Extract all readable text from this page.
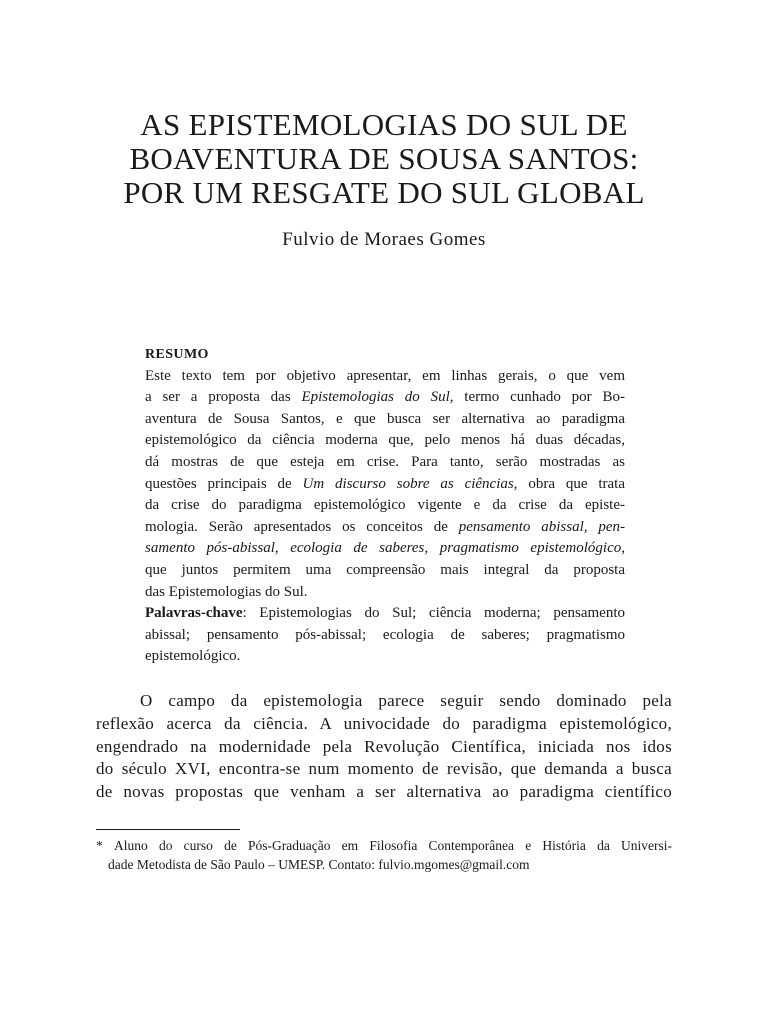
AS EPISTEMOLOGIAS DO SUL DE
BOAVENTURA DE SOUSA SANTOS:
POR UM RESGATE DO SUL GLOBAL
Fulvio de Moraes Gomes
RESUMO
Este texto tem por objetivo apresentar, em linhas gerais, o que vem
a ser a proposta das Epistemologias do Sul, termo cunhado por Bo-
aventura de Sousa Santos, e que busca ser alternativa ao paradigma
epistemológico da ciência moderna que, pelo menos há duas décadas,
dá mostras de que esteja em crise. Para tanto, serão mostradas as
questões principais de Um discurso sobre as ciências, obra que trata
da crise do paradigma epistemológico vigente e da crise da episte-
mologia. Serão apresentados os conceitos de pensamento abissal, pen-
samento pós-abissal, ecologia de saberes, pragmatismo epistemológico,
que juntos permitem uma compreensão mais integral da proposta
das Epistemologias do Sul.
Palavras-chave: Epistemologias do Sul; ciência moderna; pensamento
abissal; pensamento pós-abissal; ecologia de saberes; pragmatismo
epistemológico.
O campo da epistemologia parece seguir sendo dominado pela
reflexão acerca da ciência. A univocidade do paradigma epistemológico,
engendrado na modernidade pela Revolução Científica, iniciada nos idos
do século XVI, encontra-se num momento de revisão, que demanda a busca
de novas propostas que venham a ser alternativa ao paradigma científico
* Aluno do curso de Pós-Graduação em Filosofia Contemporânea e História da Universi-
dade Metodista de São Paulo – UMESP. Contato: fulvio.mgomes@gmail.com
